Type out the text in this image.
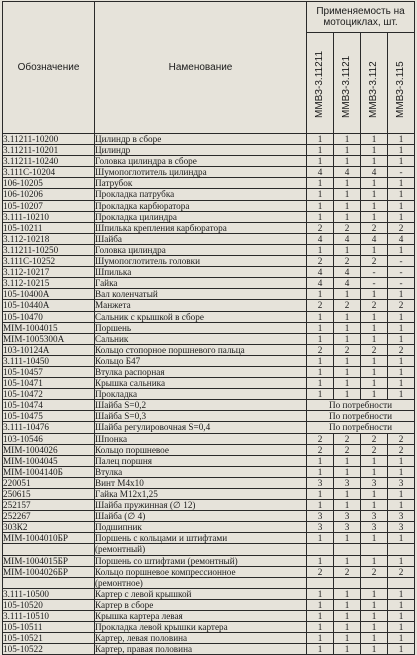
Обозначение	Наменование	Применяемость на мотоциклах, шт.			

		ММВЗ-3.11211	ММВЗ-3.1121	ММВЗ-3.112	ММВЗ-3.115

3.11211-10200	Цилиндр в сборе	1	1	1	1
3.11211-10201	Цилиндр	1	1	1	1
3.11211-10240	Головка цилиндра в сборе	1	1	1	1
3.111С-10204	Шумопоглотитель цилиндра	4	4	4	-
106-10205	Патрубок	1	1	1	1
106-10206	Прокладка патрубка	1	1	1	1
105-10207	Прокладка карбюратора	1	1	1	1
3.111-10210	Прокладка цилиндра	1	1	1	1
105-10211	Шпилька крепления карбюратора	2	2	2	2
3.112-10218	Шайба	4	4	4	4
3.11211-10250	Головка цилиндра	1	1	1	1
3.111С-10252	Шумопоглотитель головки	2	2	2	-
3.112-10217	Шпилька	4	4	-	-
3.112-10215	Гайка	4	4	-	-
105-10400А	Вал коленчатый	1	1	1	1
105-10440А	Манжета	2	2	2	2
105-10470	Сальник с крышкой в сборе	1	1	1	1
МIМ-1004015	Поршень	1	1	1	1
МIМ-1005300А	Сальник	1	1	1	1
103-10124А	Кольцо стопорное поршневого пальца	2	2	2	2
3.111-10450	Кольцо Б47	1	1	1	1
105-10457	Втулка распорная	1	1	1	1
105-10471	Крышка сальника	1	1	1	1
105-10472	Прокладка	1	1	1	1
105-10474	Шайба S=0,2	По потребности			
105-10475	Шайба S=0,3	По потребности			
3.111-10476	Шайба регулировочная S=0,4	По потребности			
103-10546	Шпонка	2	2	2	2
МIМ-1004026	Кольцо поршневое	2	2	2	2
МIМ-1004045	Палец поршня	1	1	1	1
МIМ-1004140Б	Втулка	1	1	1	1
220051	Винт М4х10	3	3	3	3
250615	Гайка М12х1,25	1	1	1	1
252157	Шайба пружинная (∅ 12)	1	1	1	1
252267	Шайба (∅ 4)	3	3	3	3
303К2	Подшипник	3	3	3	3
МIМ-1004010БР	Поршень с кольцами и штифтами	1	1	1	1
	(ремонтный)				
МIМ-1004015БР	Поршень со штифтами (ремонтный)	1	1	1	1
МIМ-1004026БР	Кольцо поршневое компрессионное	2	2	2	2
	(ремонтное)				
3.111-10500	Картер с левой крышкой	1	1	1	1
105-10520	Картер в сборе	1	1	1	1
3.111-10510	Крышка картера левая	1	1	1	1
105-10511	Прокладка левой крышки картера	1	1	1	1
105-10521	Картер, левая половина	1	1	1	1
105-10522	Картер, правая половина	1	1	1	1
